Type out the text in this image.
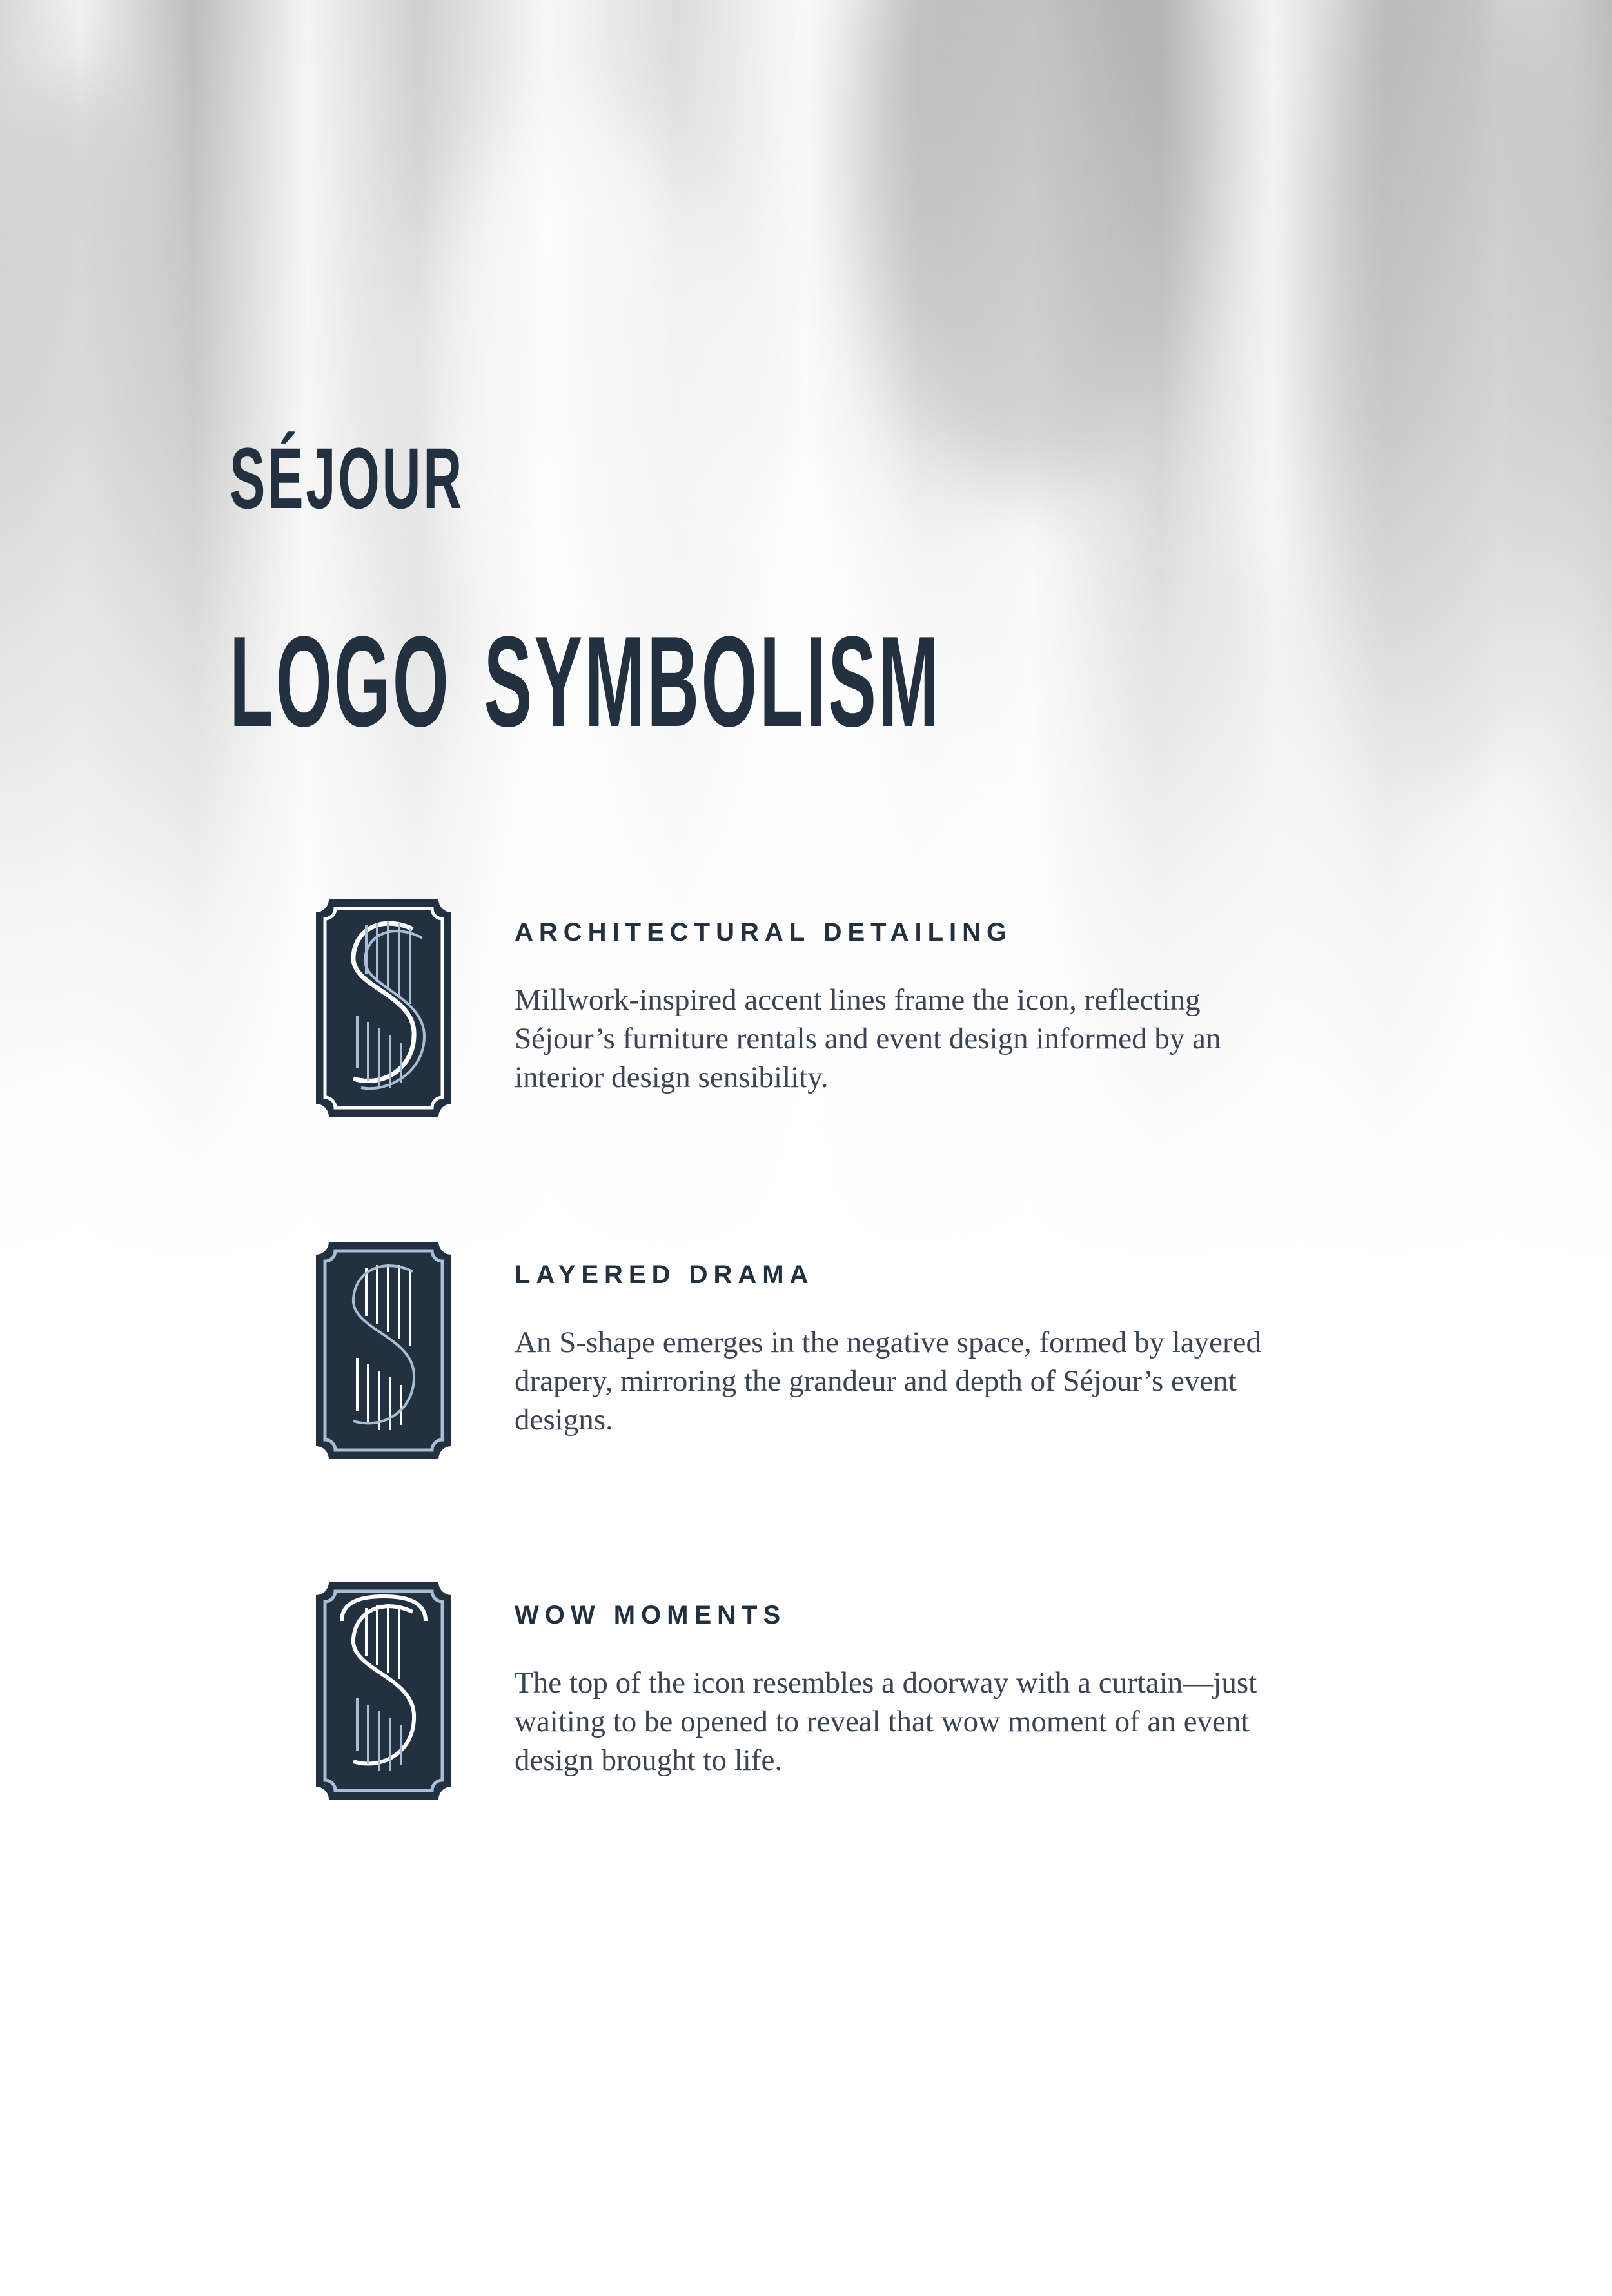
SÉJOUR
LOGO SYMBOLISM
ARCHITECTURAL DETAILING

Millwork-inspired accent lines frame the icon, reflecting Séjour’s furniture rentals and event design informed by an interior design sensibility.

LAYERED DRAMA

An S-shape emerges in the negative space, formed by layered drapery, mirroring the grandeur and depth of Séjour’s event designs.

WOW MOMENTS

The top of the icon resembles a doorway with a curtain—just waiting to be opened to reveal that wow moment of an event design brought to life.
